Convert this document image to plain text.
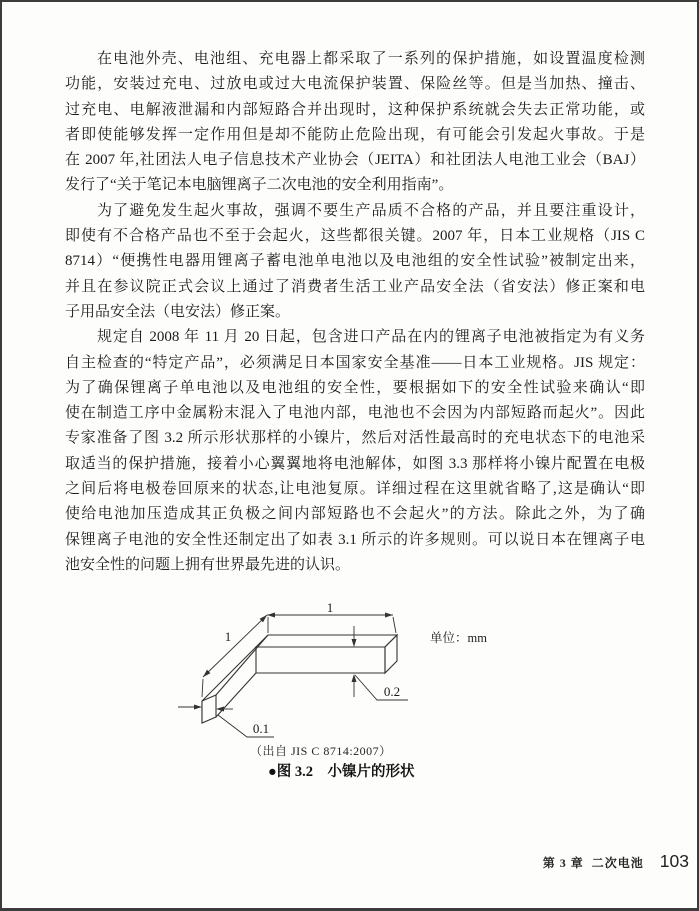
在电池外壳、电池组、充电器上都采取了一系列的保护措施，如设置温度检测
功能，安装过充电、过放电或过大电流保护装置、保险丝等。但是当加热、撞击、
过充电、电解液泄漏和内部短路合并出现时，这种保护系统就会失去正常功能，或
者即使能够发挥一定作用但是却不能防止危险出现，有可能会引发起火事故。于是
在 2007 年,社团法人电子信息技术产业协会（JEITA）和社团法人电池工业会（BAJ）
发行了“关于笔记本电脑锂离子二次电池的安全利用指南”。
为了避免发生起火事故，强调不要生产品质不合格的产品，并且要注重设计，
即使有不合格产品也不至于会起火，这些都很关键。2007 年，日本工业规格（JIS C
8714）“便携性电器用锂离子蓄电池单电池以及电池组的安全性试验”被制定出来，
并且在参议院正式会议上通过了消费者生活工业产品安全法（省安法）修正案和电
子用品安全法（电安法）修正案。
规定自 2008 年 11 月 20 日起，包含进口产品在内的锂离子电池被指定为有义务
自主检查的“特定产品”，必须满足日本国家安全基准——日本工业规格。JIS 规定：
为了确保锂离子单电池以及电池组的安全性，要根据如下的安全性试验来确认“即
使在制造工序中金属粉末混入了电池内部，电池也不会因为内部短路而起火”。因此
专家准备了图 3.2 所示形状那样的小镍片，然后对活性最高时的充电状态下的电池采
取适当的保护措施，接着小心翼翼地将电池解体，如图 3.3 那样将小镍片配置在电极
之间后将电极卷回原来的状态,让电池复原。详细过程在这里就省略了,这是确认“即
使给电池加压造成其正负极之间内部短路也不会起火”的方法。除此之外，为了确
保锂离子电池的安全性还制定出了如表 3.1 所示的许多规则。可以说日本在锂离子电
池安全性的问题上拥有世界最先进的认识。
1
1
0.2
0.1
单位：mm
（出自 JIS C 8714:2007）
●图 3.2　小镍片的形状
第 3 章 二次电池 103
